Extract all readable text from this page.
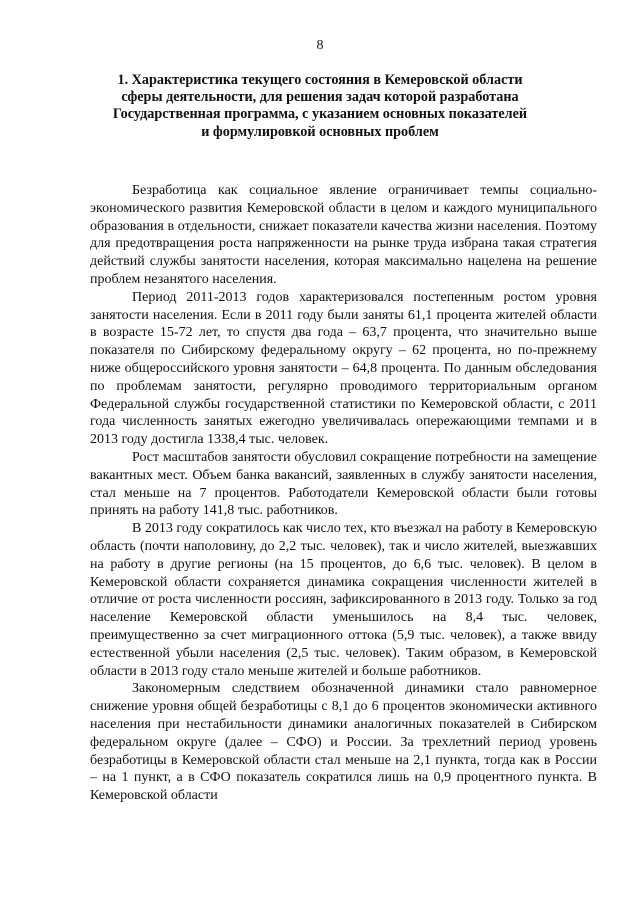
8
1. Характеристика текущего состояния в Кемеровской области сферы деятельности, для решения задач которой разработана Государственная программа, с указанием основных показателей и формулировкой основных проблем

Безработица как социальное явление ограничивает темпы социально-экономического развития Кемеровской области в целом и каждого муниципального образования в отдельности, снижает показатели качества жизни населения. Поэтому для предотвращения роста напряженности на рынке труда избрана такая стратегия действий службы занятости населения, которая максимально нацелена на решение проблем незанятого населения.

Период 2011-2013 годов характеризовался постепенным ростом уровня занятости населения. Если в 2011 году были заняты 61,1 процента жителей области в возрасте 15-72 лет, то спустя два года – 63,7 процента, что значительно выше показателя по Сибирскому федеральному округу – 62 процента, но по-прежнему ниже общероссийского уровня занятости – 64,8 процента. По данным обследования по проблемам занятости, регулярно проводимого территориальным органом Федеральной службы государственной статистики по Кемеровской области, с 2011 года численность занятых ежегодно увеличивалась опережающими темпами и в 2013 году достигла 1338,4 тыс. человек.

Рост масштабов занятости обусловил сокращение потребности на замещение вакантных мест. Объем банка вакансий, заявленных в службу занятости населения, стал меньше на 7 процентов. Работодатели Кемеровской области были готовы принять на работу 141,8 тыс. работников.

В 2013 году сократилось как число тех, кто въезжал на работу в Кемеровскую область (почти наполовину, до 2,2 тыс. человек), так и число жителей, выезжавших на работу в другие регионы (на 15 процентов, до 6,6 тыс. человек). В целом в Кемеровской области сохраняется динамика сокращения численности жителей в отличие от роста численности россиян, зафиксированного в 2013 году. Только за год население Кемеровской области уменьшилось на 8,4 тыс. человек, преимущественно за счет миграционного оттока (5,9 тыс. человек), а также ввиду естественной убыли населения (2,5 тыс. человек). Таким образом, в Кемеровской области в 2013 году стало меньше жителей и больше работников.

Закономерным следствием обозначенной динамики стало равномерное снижение уровня общей безработицы с 8,1 до 6 процентов экономически активного населения при нестабильности динамики аналогичных показателей в Сибирском федеральном округе (далее – СФО) и России. За трехлетний период уровень безработицы в Кемеровской области стал меньше на 2,1 пункта, тогда как в России – на 1 пункт, а в СФО показатель сократился лишь на 0,9 процентного пункта. В Кемеровской области
